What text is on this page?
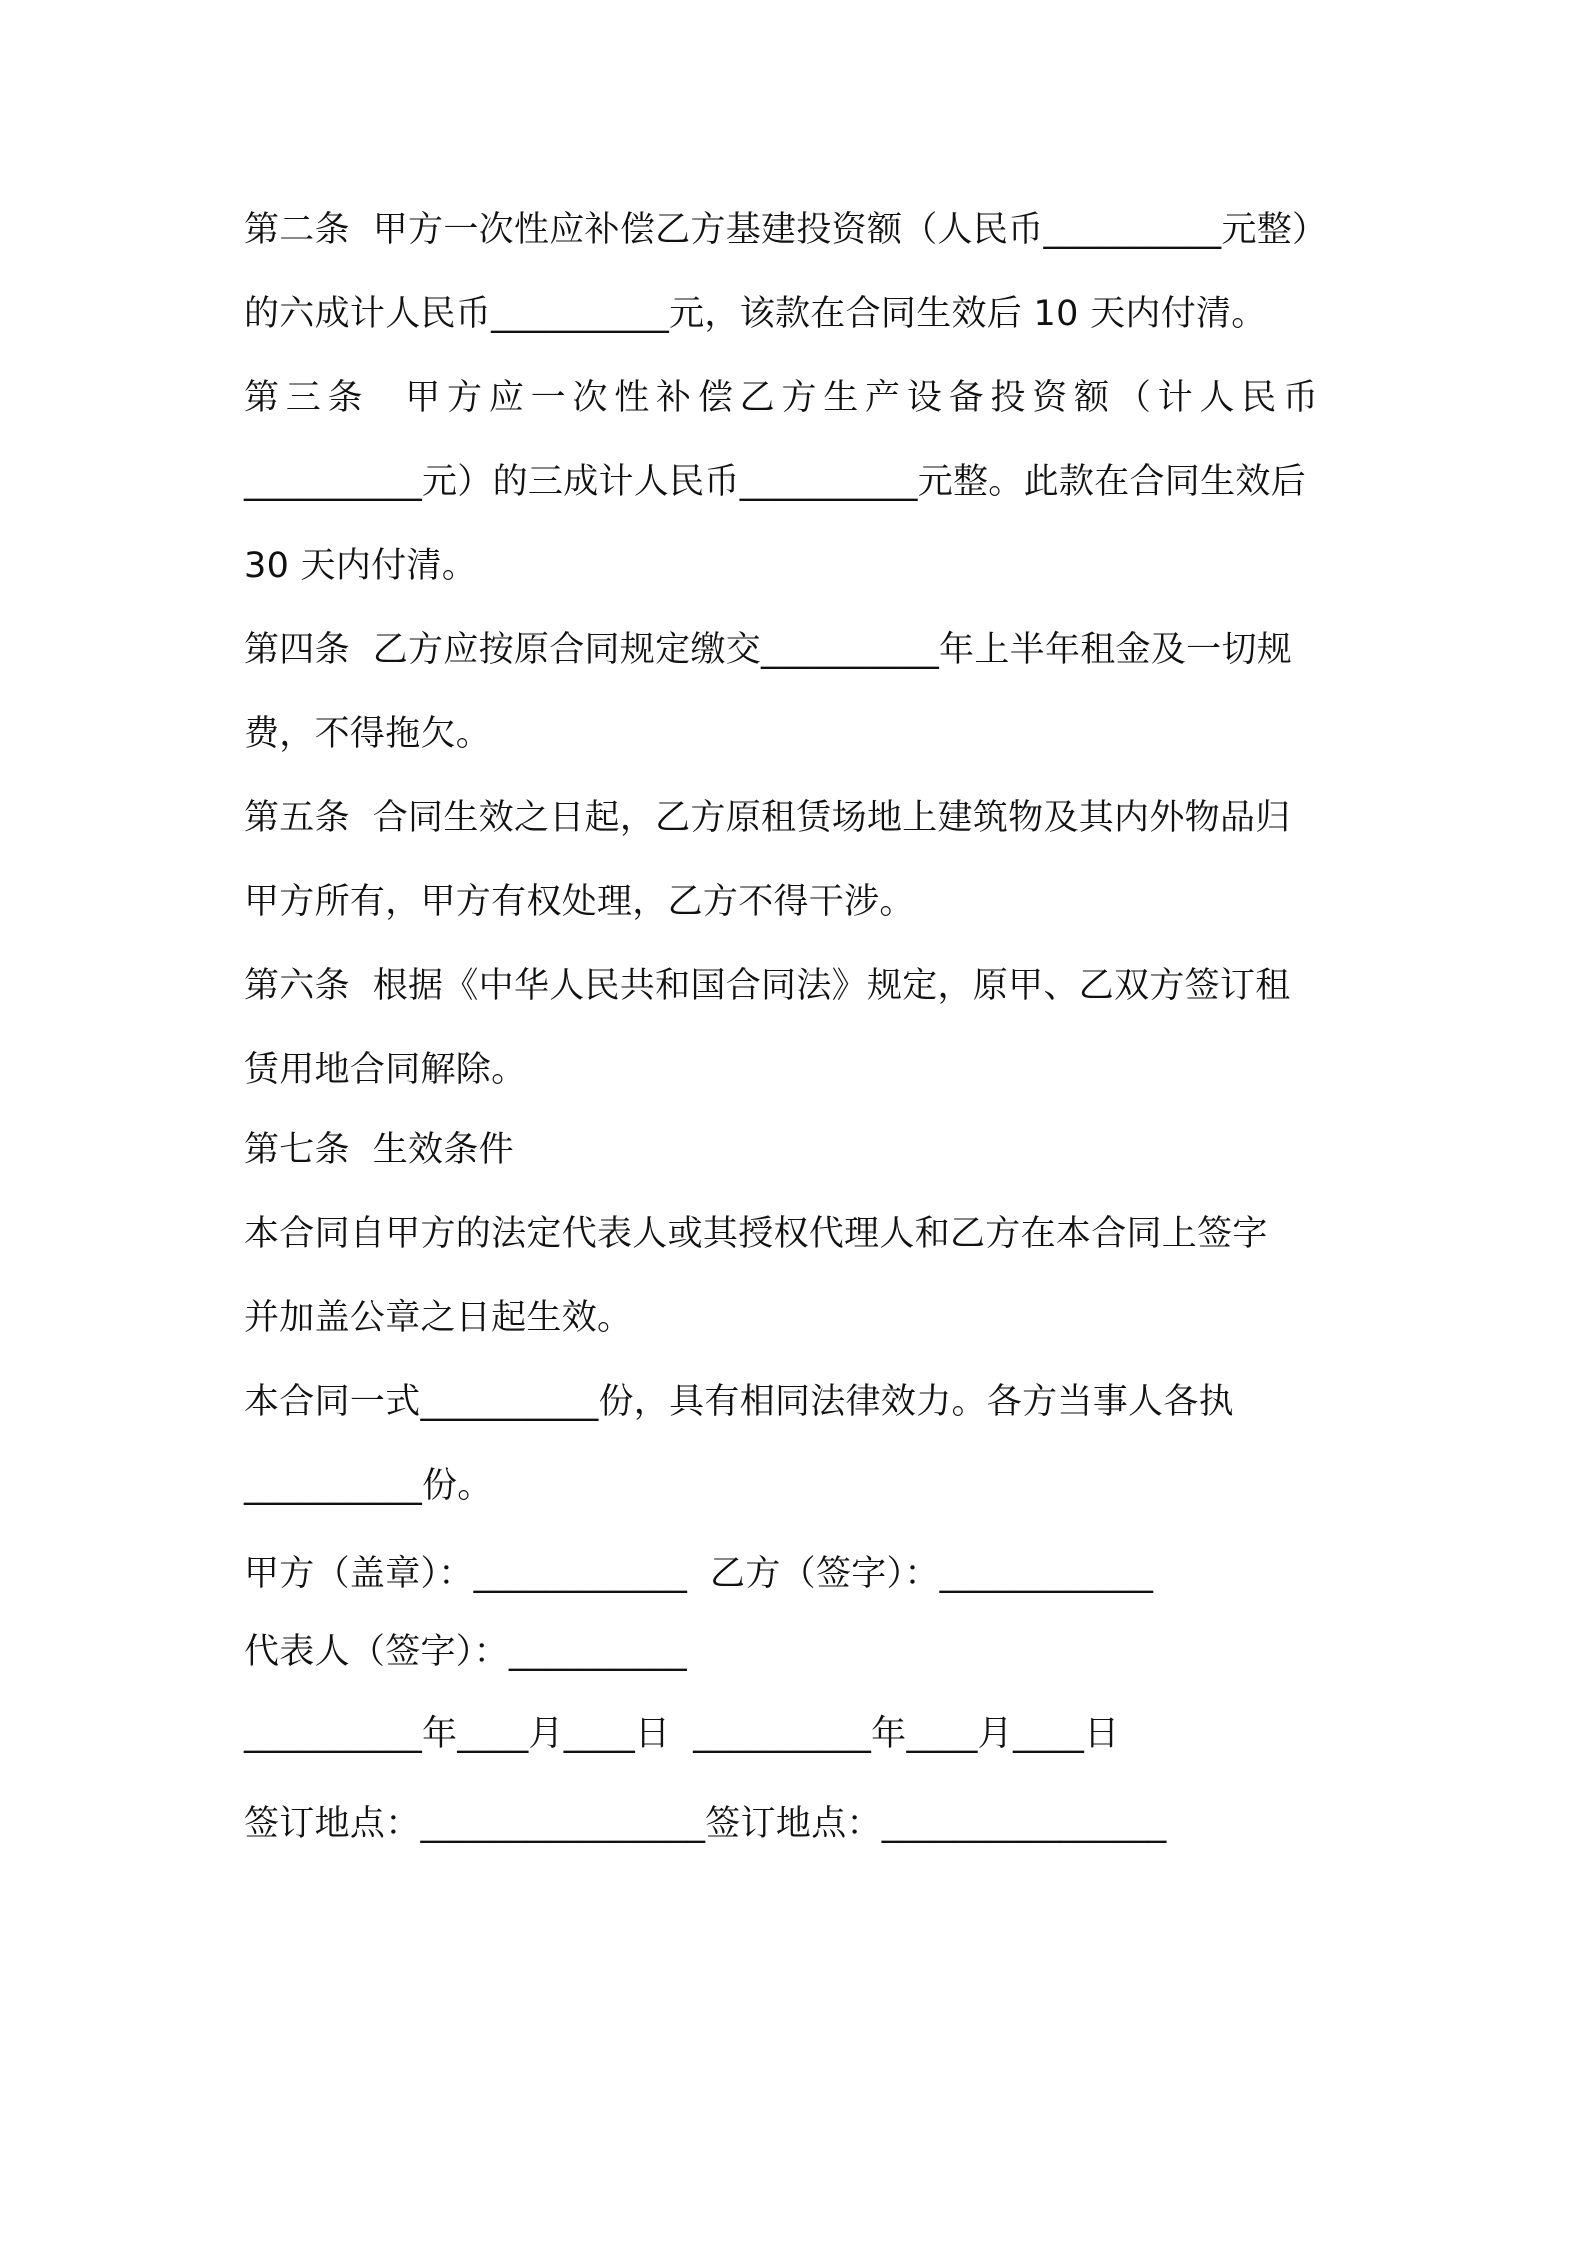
第二条  甲方一次性应补偿乙方基建投资额（人民币__________元整）
的六成计人民币__________元，该款在合同生效后 10 天内付清。
第三条  甲方应一次性补偿乙方生产设备投资额（计人民币
__________元）的三成计人民币__________元整。此款在合同生效后
30 天内付清。
第四条  乙方应按原合同规定缴交__________年上半年租金及一切规
费，不得拖欠。
第五条  合同生效之日起，乙方原租赁场地上建筑物及其内外物品归
甲方所有，甲方有权处理，乙方不得干涉。
第六条  根据《中华人民共和国合同法》规定，原甲、乙双方签订租
赁用地合同解除。
第七条  生效条件
本合同自甲方的法定代表人或其授权代理人和乙方在本合同上签字
并加盖公章之日起生效。
本合同一式__________份，具有相同法律效力。各方当事人各执
__________份。
甲方（盖章）：____________  乙方（签字）：____________
代表人（签字）：__________
__________年____月____日  __________年____月____日
签订地点：________________签订地点：________________
